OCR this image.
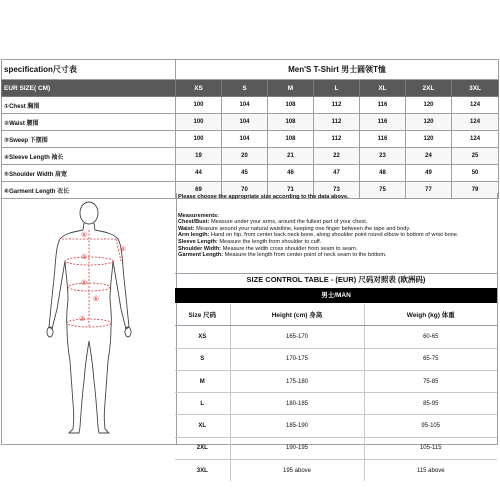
specification尺寸表	Men'S T-Shirt 男士圆领T恤						
EUR SIZE( CM)	XS	S	M	L	XL	2XL	3XL
①Chest 胸围	100	104	108	112	116	120	124
②Waist 腰围	100	104	108	112	116	120	124
③Sweep 下摆围	100	104	108	112	116	120	124
④Sleeve Length 袖长	19	20	21	22	23	24	25
⑤Shoulder Width 肩宽	44	45	46	47	48	49	50
⑥Garment Length 衣长	69	70	71	73	75	77	79
⑤
④
①
②
③
⑥
Please choose the appropriate size according to the data above.
Measurements:
Chest/Bust: Measure under your arms, around the fullest part of your chest.
Waist: Measure around your natural waistline, keeping one finger between the tape and body.
Arm length: Hand on hip, from center back neck bone, along shoulder point round elbow to bottom of wrist bone.
Sleeve Length: Measure the length from shoulder to cuff.
Shoulder Width: Measure the width cross shoulder from seam to seam.
Garment Length: Measure the length from center point of neck seam to the bottom.
SIZE CONTROL TABLE - (EUR) 尺码对照表 (欧洲码)
男士/MAN
Size 尺码	Height (cm) 身高	Weigh (kg) 体重
XS	165-170	60-65
S	170-175	65-75
M	175-180	75-85
L	180-185	85-95
XL	185-190	95-105
2XL	190-195	105-115
3XL	195 above	115 above
